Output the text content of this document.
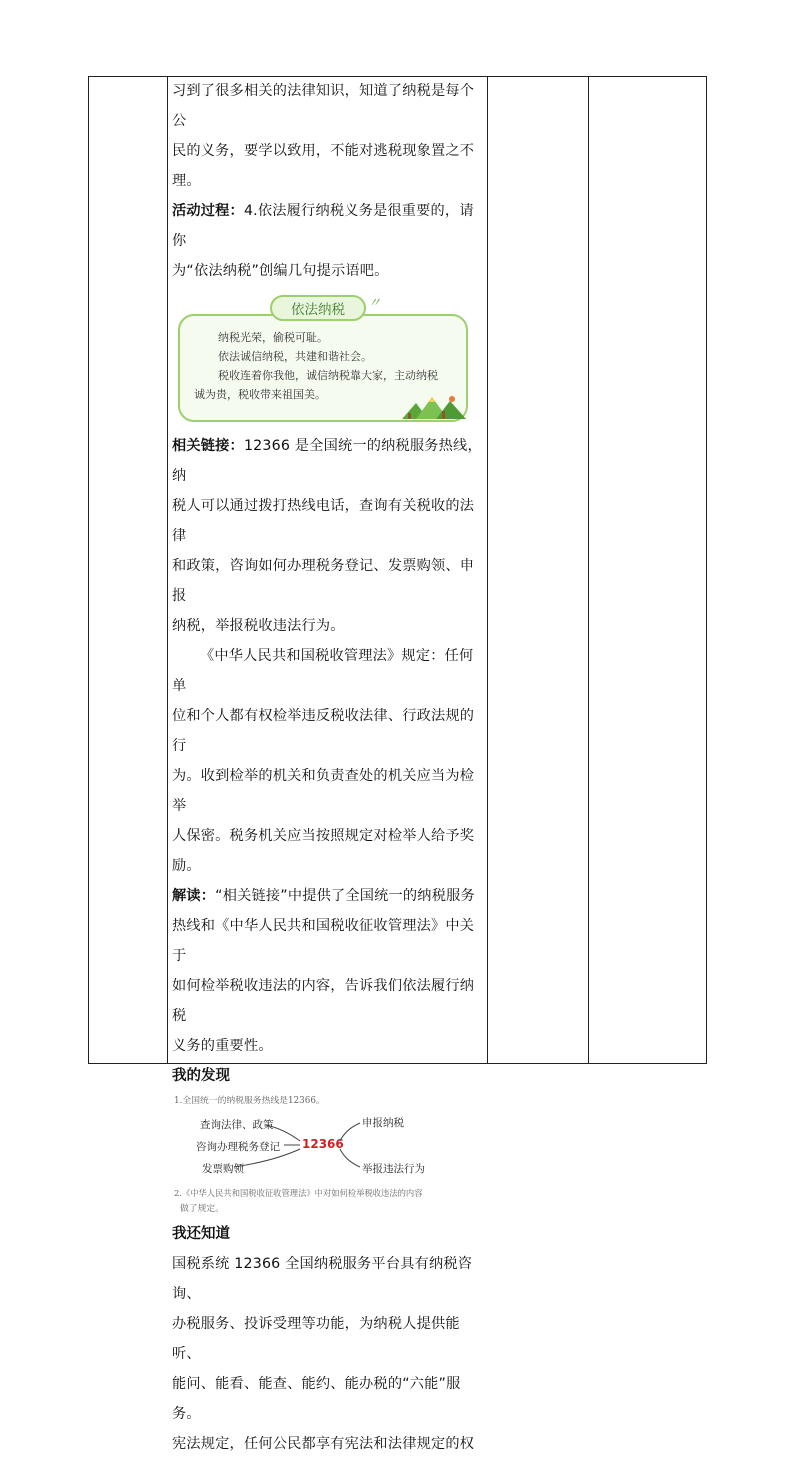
习到了很多相关的法律知识，知道了纳税是每个公

民的义务，要学以致用，不能对逃税现象置之不理。

活动过程：4.依法履行纳税义务是很重要的，请你

为“依法纳税”创编几句提示语吧。

依法纳税	〃
纳税光荣，偷税可耻。
依法诚信纳税，共建和谐社会。
税收连着你我他，诚信纳税靠大家，主动纳税
诚为贵，税收带来祖国美。

相关链接：12366 是全国统一的纳税服务热线，纳

税人可以通过拨打热线电话，查询有关税收的法律

和政策，咨询如何办理税务登记、发票购领、申报

纳税，举报税收违法行为。

《中华人民共和国税收管理法》规定：任何单

位和个人都有权检举违反税收法律、行政法规的行

为。收到检举的机关和负责查处的机关应当为检举

人保密。税务机关应当按照规定对检举人给予奖

励。

解读：“相关链接”中提供了全国统一的纳税服务

热线和《中华人民共和国税收征收管理法》中关于

如何检举税收违法的内容，告诉我们依法履行纳税

义务的重要性。

我的发现

1.全国统一的纳税服务热线是12366。
查询法律、政策
咨询办理税务登记
发票购领
12366
申报纳税
举报违法行为
2.《中华人民共和国税收征收管理法》中对如何检举税收违法的内容
做了规定。

我还知道

国税系统 12366 全国纳税服务平台具有纳税咨询、

办税服务、投诉受理等功能，为纳税人提供能听、

能问、能看、能查、能约、能办税的“六能”服务。

宪法规定，任何公民都享有宪法和法律规定的权
